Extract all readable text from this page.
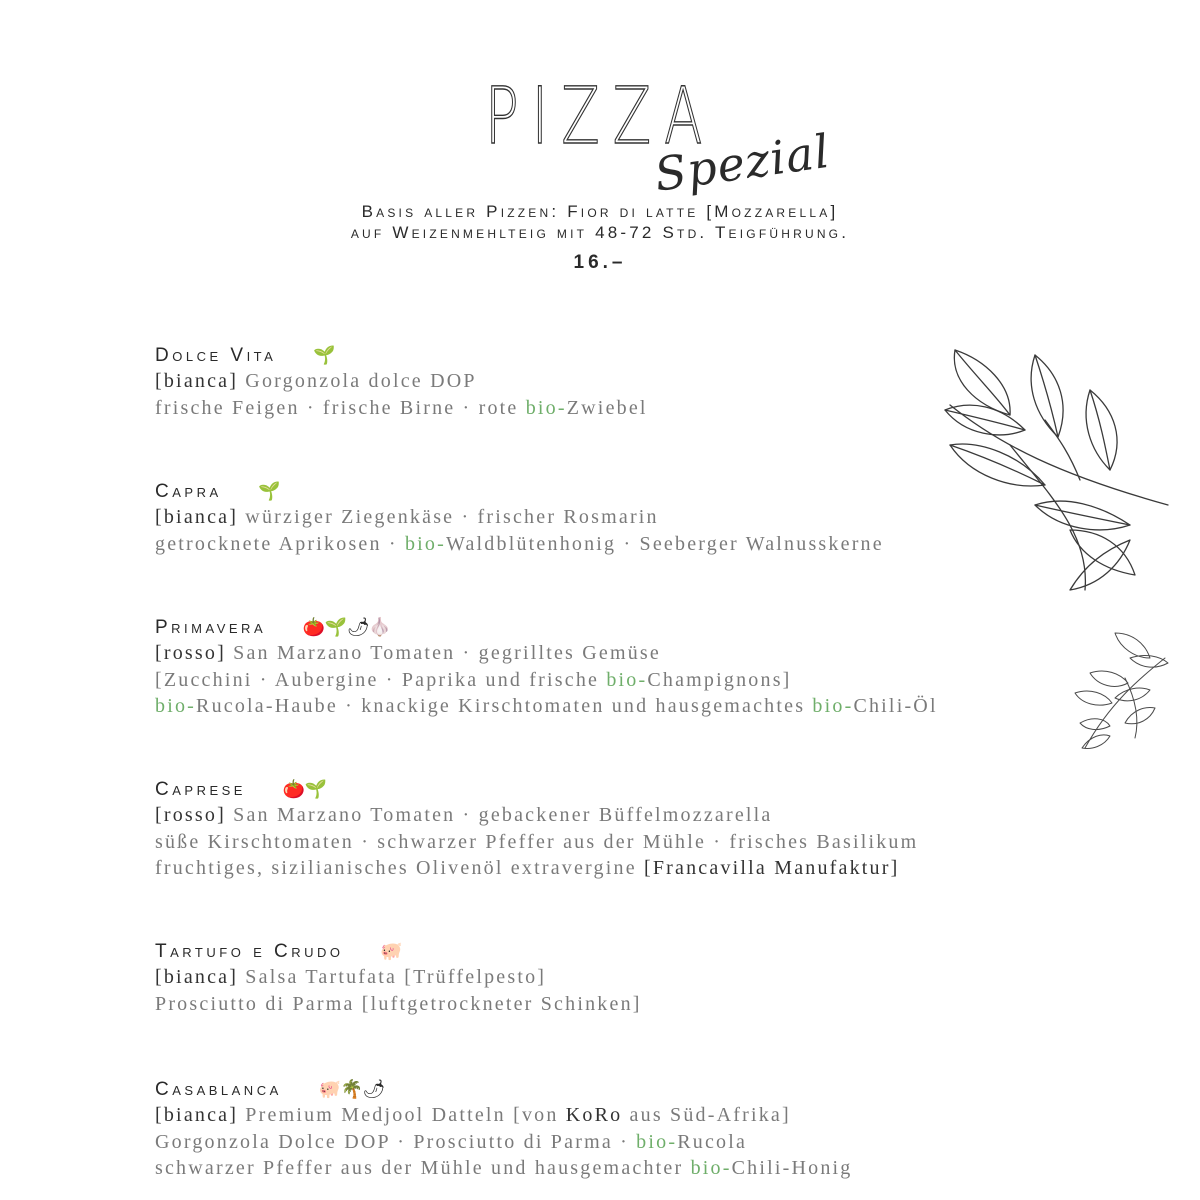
PIZZA
Spezial
Basis aller Pizzen: Fior di latte [Mozzarella]
auf Weizenmehlteig mit 48-72 Std. Teigführung.
16.–
Dolce Vita 🌱
[bianca] Gorgonzola dolce DOP
frische Feigen · frische Birne · rote bio-Zwiebel
Capra 🌱
[bianca] würziger Ziegenkäse · frischer Rosmarin
getrocknete Aprikosen · bio-Waldblütenhonig · Seeberger Walnusskerne
Primavera 🍅🌱🌶🧄
[rosso] San Marzano Tomaten · gegrilltes Gemüse
[Zucchini · Aubergine · Paprika und frische bio-Champignons]
bio-Rucola-Haube · knackige Kirschtomaten und hausgemachtes bio-Chili-Öl
Caprese 🍅🌱
[rosso] San Marzano Tomaten · gebackener Büffelmozzarella
süße Kirschtomaten · schwarzer Pfeffer aus der Mühle · frisches Basilikum
fruchtiges, sizilianisches Olivenöl extravergine [Francavilla Manufaktur]
Tartufo e Crudo 🐖
[bianca] Salsa Tartufata [Trüffelpesto]
Prosciutto di Parma [luftgetrockneter Schinken]
Casablanca 🐖🌴🌶
[bianca] Premium Medjool Datteln [von KoRo aus Süd-Afrika]
Gorgonzola Dolce DOP · Prosciutto di Parma · bio-Rucola
schwarzer Pfeffer aus der Mühle und hausgemachter bio-Chili-Honig
